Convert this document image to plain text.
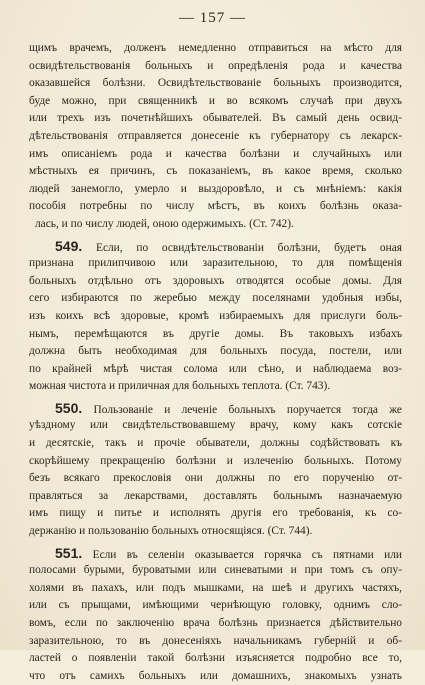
— 157 —
щимъ врачемъ, долженъ немедленно отправиться на мѣсто для
освидѣтельствованія больныхъ и опредѣленія рода и качества
оказавшейся болѣзни. Освидѣтельствованіе больныхъ производится,
буде можно, при священникѣ и во всякомъ случаѣ при двухъ
или трехъ изъ почетнѣйшихъ обывателей. Въ самый день освид-
дѣтельствованія отправляется донесеніе къ губернатору съ лекарск-
имъ описаніемъ рода и качества болѣзни и случайныхъ или
мѣстныхъ ея причинъ, съ показаніемъ, въ какое время, сколько
людей занемогло, умерло и выздоровѣло, и съ мнѣніемъ: какія
пособія потребны по числу мѣстъ, въ коихъ болѣзнь оказа-
лась, и по числу людей, оною одержимыхъ. (Ст. 742).
549. Если, по освидѣтельствованіи болѣзни, будетъ оная
признана прилипчивою или заразительною, то для помѣщенія
больныхъ отдѣльно отъ здоровыхъ отводятся особые домы. Для
сего избираются по жеребью между поселянами удобныя избы,
изъ коихъ всѣ здоровые, кромѣ избираемыхъ для прислуги боль-
нымъ, перемѣщаются въ другіе домы. Въ таковыхъ избахъ
должна быть необходимая для больныхъ посуда, постели, или
по крайней мѣрѣ чистая солома или сѣно, и наблюдаема воз-
можная чистота и приличная для больныхъ теплота. (Ст. 743).
550. Пользованіе и леченіе больныхъ поручается тогда же
уѣздному или свидѣтельствовавшему врачу, кому какъ сотскіе
и десятскіе, такъ и прочіе обыватели, должны содѣйствовать къ
скорѣйшему прекращенію болѣзни и излеченію больныхъ. Потому
безъ всякаго прекословія они должны по его порученію от-
правляться за лекарствами, доставлять больнымъ назначаемую
имъ пищу и питье и исполнять другія его требованія, къ со-
держанію и пользованію больныхъ относящіяся. (Ст. 744).
551. Если въ селеніи оказывается горячка съ пятнами или
полосами бурыми, буроватыми или синеватыми и при томъ съ опу-
холями въ пахахъ, или подъ мышками, на шеѣ и другихъ частяхъ,
или съ прыщами, имѣющими чернѣющую головку, однимъ сло-
вомъ, если по заключенію врача болѣзнь признается дѣйствительно
заразительною, то въ донесеніяхъ начальникамъ губерній и об-
ластей о появленіи такой болѣзни изъясняется подробно все то,
что отъ самихъ больныхъ или домашнихъ, знакомыхъ узнать
